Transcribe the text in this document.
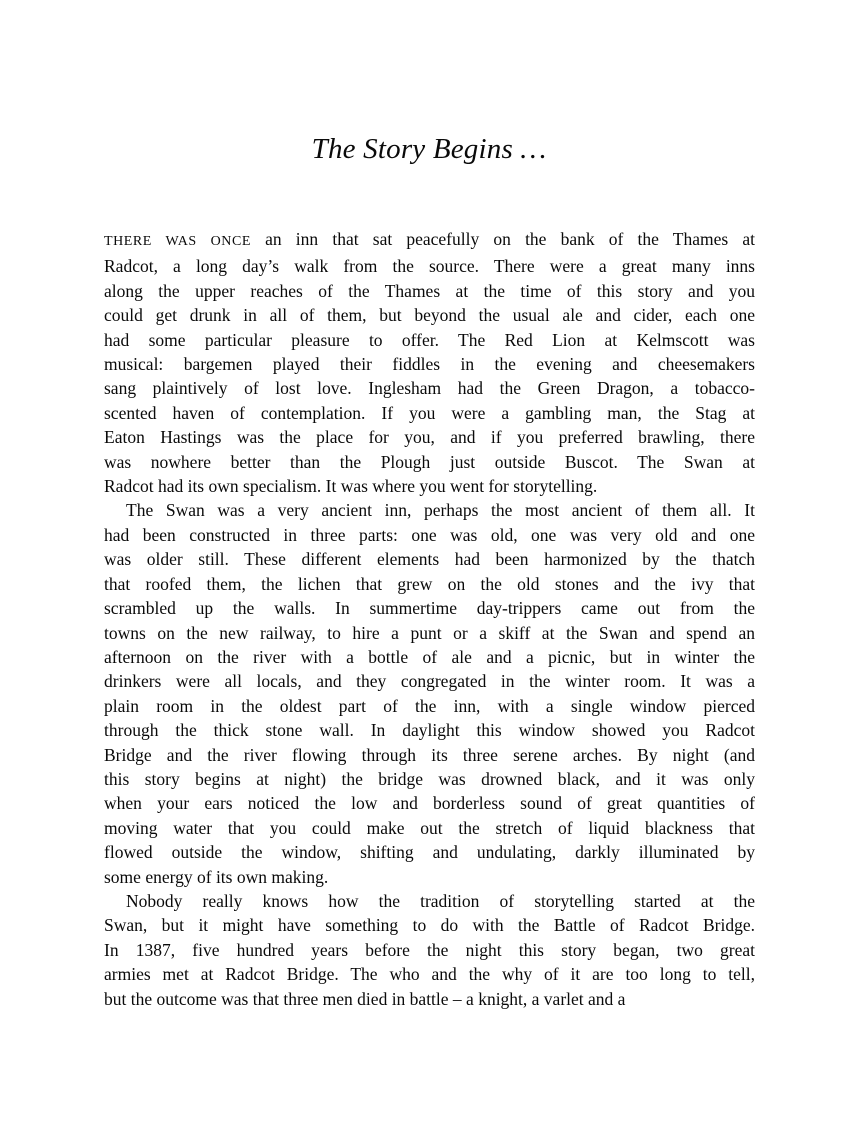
The Story Begins …
THERE WAS ONCE an inn that sat peacefully on the bank of the Thames at
Radcot, a long day’s walk from the source. There were a great many inns
along the upper reaches of the Thames at the time of this story and you
could get drunk in all of them, but beyond the usual ale and cider, each one
had some particular pleasure to offer. The Red Lion at Kelmscott was
musical: bargemen played their fiddles in the evening and cheesemakers
sang plaintively of lost love. Inglesham had the Green Dragon, a tobacco-
scented haven of contemplation. If you were a gambling man, the Stag at
Eaton Hastings was the place for you, and if you preferred brawling, there
was nowhere better than the Plough just outside Buscot. The Swan at
Radcot had its own specialism. It was where you went for storytelling.
The Swan was a very ancient inn, perhaps the most ancient of them all. It
had been constructed in three parts: one was old, one was very old and one
was older still. These different elements had been harmonized by the thatch
that roofed them, the lichen that grew on the old stones and the ivy that
scrambled up the walls. In summertime day-trippers came out from the
towns on the new railway, to hire a punt or a skiff at the Swan and spend an
afternoon on the river with a bottle of ale and a picnic, but in winter the
drinkers were all locals, and they congregated in the winter room. It was a
plain room in the oldest part of the inn, with a single window pierced
through the thick stone wall. In daylight this window showed you Radcot
Bridge and the river flowing through its three serene arches. By night (and
this story begins at night) the bridge was drowned black, and it was only
when your ears noticed the low and borderless sound of great quantities of
moving water that you could make out the stretch of liquid blackness that
flowed outside the window, shifting and undulating, darkly illuminated by
some energy of its own making.
Nobody really knows how the tradition of storytelling started at the
Swan, but it might have something to do with the Battle of Radcot Bridge.
In 1387, five hundred years before the night this story began, two great
armies met at Radcot Bridge. The who and the why of it are too long to tell,
but the outcome was that three men died in battle – a knight, a varlet and a
